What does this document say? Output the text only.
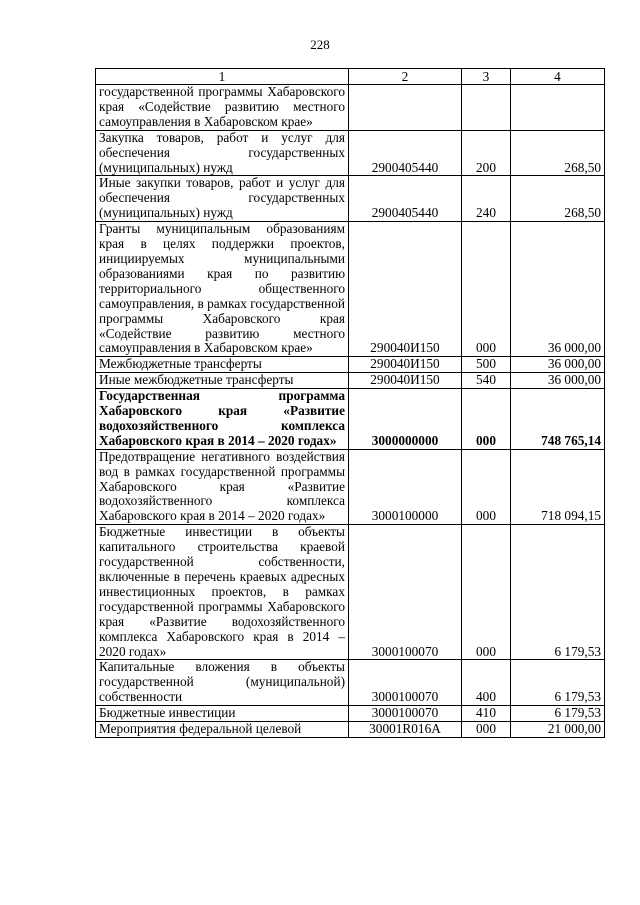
228
1	2	3	4
государственной программы Хабаровского края «Содействие развитию местного самоуправления в Хабаровском крае»			
Закупка товаров, работ и услуг для обеспечения государственных (муниципальных) нужд	2900405440	200	268,50
Иные закупки товаров, работ и услуг для обеспечения государственных (муниципальных) нужд	2900405440	240	268,50
Гранты муниципальным образованиям края в целях поддержки проектов, инициируемых муниципальными образованиями края по развитию территориального общественного самоуправления, в рамках государственной программы Хабаровского края «Содействие развитию местного самоуправления в Хабаровском крае»	290040И150	000	36 000,00
Межбюджетные трансферты	290040И150	500	36 000,00
Иные межбюджетные трансферты	290040И150	540	36 000,00
Государственная программа Хабаровского края «Развитие водохозяйственного комплекса Хабаровского края в 2014 – 2020 годах»	3000000000	000	748 765,14
Предотвращение негативного воздействия вод в рамках государственной программы Хабаровского края «Развитие водохозяйственного комплекса Хабаровского края в 2014 – 2020 годах»	3000100000	000	718 094,15
Бюджетные инвестиции в объекты капитального строительства краевой государственной собственности, включенные в перечень краевых адресных инвестиционных проектов, в рамках государственной программы Хабаровского края «Развитие водохозяйственного комплекса Хабаровского края в 2014 – 2020 годах»	3000100070	000	6 179,53
Капитальные вложения в объекты государственной (муниципальной) собственности	3000100070	400	6 179,53
Бюджетные инвестиции	3000100070	410	6 179,53
Мероприятия федеральной целевой	30001R016A	000	21 000,00
